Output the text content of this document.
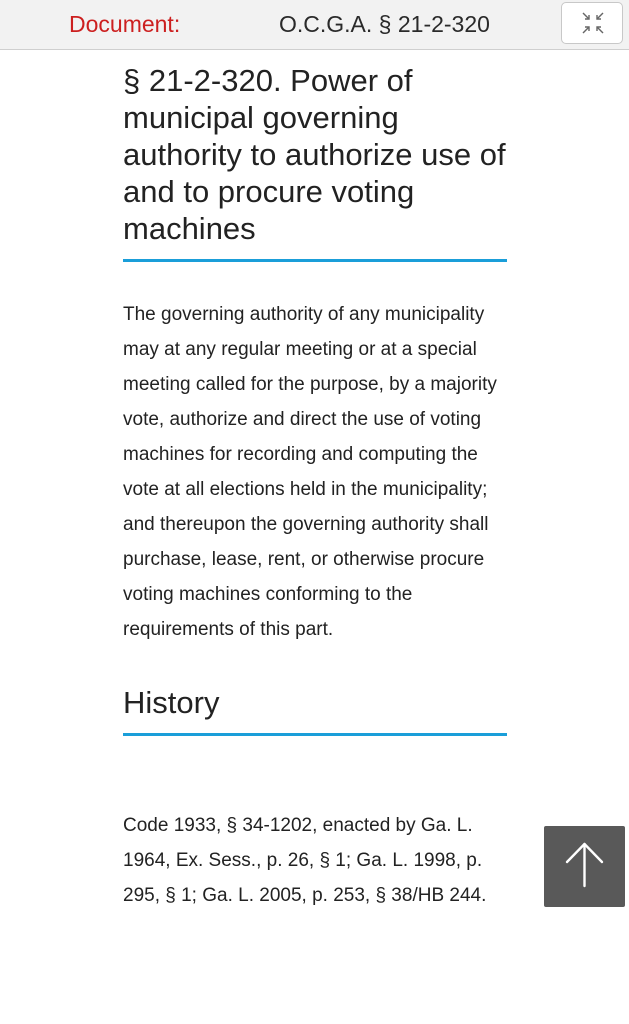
Document:	O.C.G.A. § 21-2-320
§ 21-2-320. Power of municipal governing authority to authorize use of and to procure voting machines

The governing authority of any municipality may at any regular meeting or at a special meeting called for the purpose, by a majority vote, authorize and direct the use of voting machines for recording and computing the vote at all elections held in the municipality; and thereupon the governing authority shall purchase, lease, rent, or otherwise procure voting machines conforming to the requirements of this part.

History

Code 1933, § 34-1202, enacted by Ga. L. 1964, Ex. Sess., p. 26, § 1; Ga. L. 1998, p. 295, § 1; Ga. L. 2005, p. 253, § 38/HB 244.
